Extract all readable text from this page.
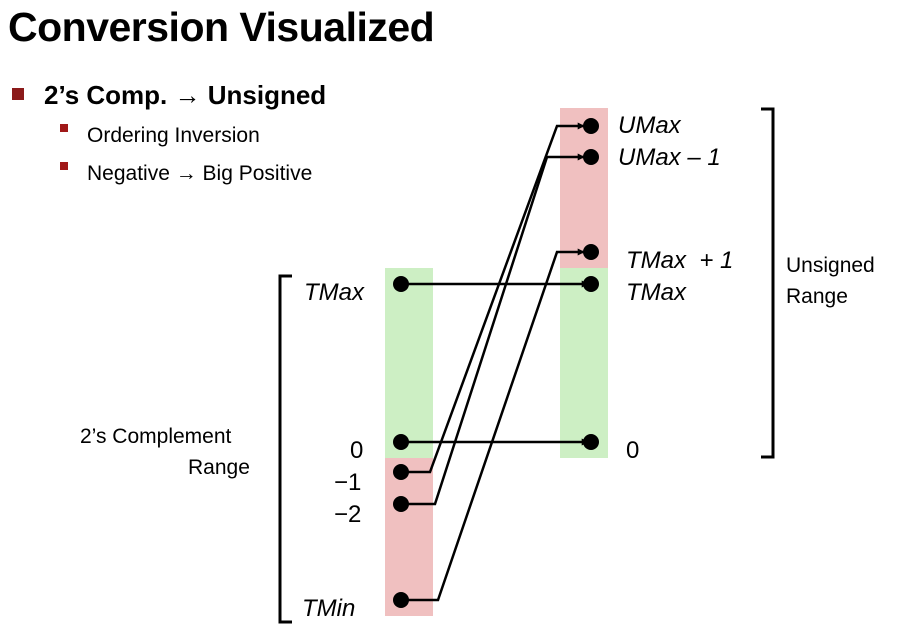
Conversion Visualized
2’s Comp. → Unsigned
Ordering Inversion
Negative → Big Positive
TMax
0
−1
−2
TMin
2’s Complement
Range
UMax
UMax – 1
TMax  + 1
TMax
0
Unsigned
Range
